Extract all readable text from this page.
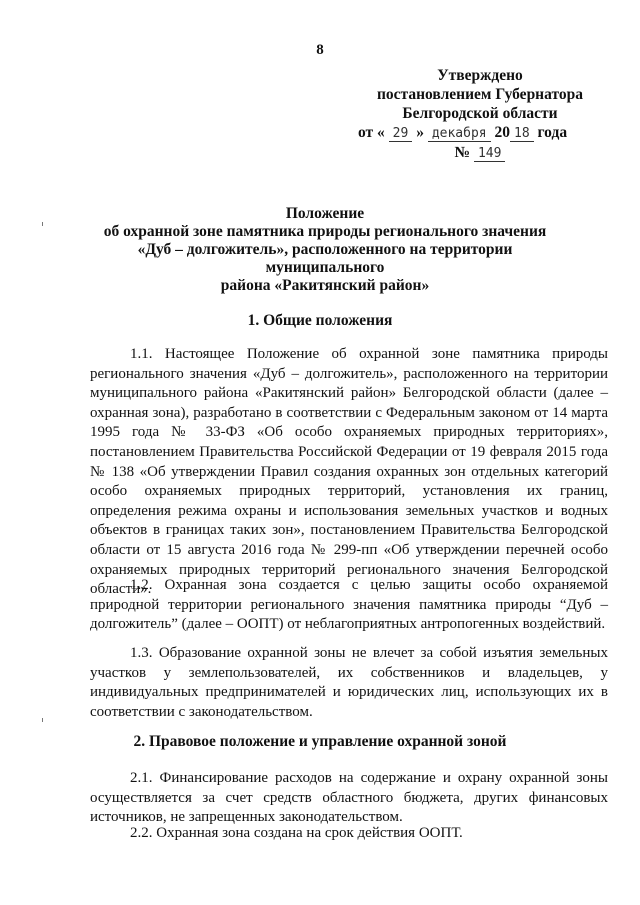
8
Утверждено
постановлением Губернатора
Белгородской области
от « 29 » декабря 20 18 года
№ 149
Положение
об охранной зоне памятника природы регионального значения
«Дуб – долгожитель», расположенного на территории муниципального
района «Ракитянский район»
1. Общие положения

1.1. Настоящее Положение об охранной зоне памятника природы регионального значения «Дуб – долгожитель», расположенного на территории муниципального района «Ракитянский район» Белгородской области (далее – охранная зона), разработано в соответствии с Федеральным законом от 14 марта 1995 года № 33-ФЗ «Об особо охраняемых природных территориях», постановлением Правительства Российской Федерации от 19 февраля 2015 года № 138 «Об утверждении Правил создания охранных зон отдельных категорий особо охраняемых природных территорий, установления их границ, определения режима охраны и использования земельных участков и водных объектов в границах таких зон», постановлением Правительства Белгородской области от 15 августа 2016 года № 299-пп «Об утверждении перечней особо охраняемых природных территорий регионального значения Белгородской области».

1.2. Охранная зона создается с целью защиты особо охраняемой природной территории регионального значения памятника природы “Дуб – долгожитель” (далее – ООПТ) от неблагоприятных антропогенных воздействий.

1.3. Образование охранной зоны не влечет за собой изъятия земельных участков у землепользователей, их собственников и владельцев, у индивидуальных предпринимателей и юридических лиц, использующих их в соответствии с законодательством.

2. Правовое положение и управление охранной зоной

2.1. Финансирование расходов на содержание и охрану охранной зоны осуществляется за счет средств областного бюджета, других финансовых источников, не запрещенных законодательством.

2.2. Охранная зона создана на срок действия ООПТ.
